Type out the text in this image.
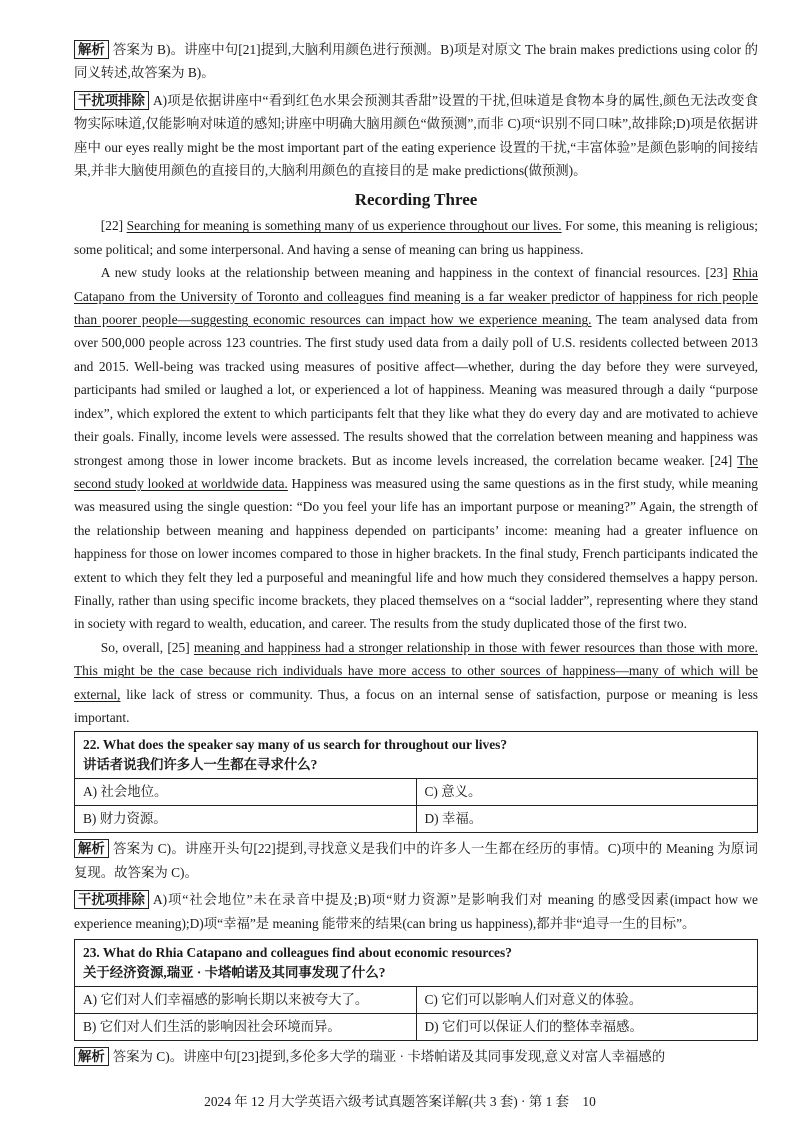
解析 答案为 B)。讲座中句[21]提到,大脑利用颜色进行预测。B)项是对原文 The brain makes predictions using color 的同义转述,故答案为 B)。

干扰项排除 A)项是依据讲座中“看到红色水果会预测其香甜”设置的干扰,但味道是食物本身的属性,颜色无法改变食物实际味道,仅能影响对味道的感知;讲座中明确大脑用颜色“做预测”,而非 C)项“识别不同口味”,故排除;D)项是依据讲座中 our eyes really might be the most important part of the eating experience 设置的干扰,“丰富体验”是颜色影响的间接结果,并非大脑使用颜色的直接目的,大脑利用颜色的直接目的是 make predictions(做预测)。

Recording Three

[22] Searching for meaning is something many of us experience throughout our lives. For some, this meaning is religious; some political; and some interpersonal. And having a sense of meaning can bring us happiness.

A new study looks at the relationship between meaning and happiness in the context of financial resources. [23] Rhia Catapano from the University of Toronto and colleagues find meaning is a far weaker predictor of happiness for rich people than poorer people—suggesting economic resources can impact how we experience meaning. The team analysed data from over 500,000 people across 123 countries. The first study used data from a daily poll of U.S. residents collected between 2013 and 2015. Well-being was tracked using measures of positive affect—whether, during the day before they were surveyed, participants had smiled or laughed a lot, or experienced a lot of happiness. Meaning was measured through a daily “purpose index”, which explored the extent to which participants felt that they like what they do every day and are motivated to achieve their goals. Finally, income levels were assessed. The results showed that the correlation between meaning and happiness was strongest among those in lower income brackets. But as income levels increased, the correlation became weaker. [24] The second study looked at worldwide data. Happiness was measured using the same questions as in the first study, while meaning was measured using the single question: “Do you feel your life has an important purpose or meaning?” Again, the strength of the relationship between meaning and happiness depended on participants’ income: meaning had a greater influence on happiness for those on lower incomes compared to those in higher brackets. In the final study, French participants indicated the extent to which they felt they led a purposeful and meaningful life and how much they considered themselves a happy person. Finally, rather than using specific income brackets, they placed themselves on a “social ladder”, representing where they stand in society with regard to wealth, education, and career. The results from the study duplicated those of the first two.

So, overall, [25] meaning and happiness had a stronger relationship in those with fewer resources than those with more. This might be the case because rich individuals have more access to other sources of happiness—many of which will be external, like lack of stress or community. Thus, a focus on an internal sense of satisfaction, purpose or meaning is less important.

22. What does the speaker say many of us search for throughout our lives?
讲话者说我们许多人一生都在寻求什么?	

A) 社会地位。	C) 意义。
B) 财力资源。	D) 幸福。

解析 答案为 C)。讲座开头句[22]提到,寻找意义是我们中的许多人一生都在经历的事情。C)项中的 Meaning 为原词复现。故答案为 C)。

干扰项排除 A)项“社会地位”未在录音中提及;B)项“财力资源”是影响我们对 meaning 的感受因素(impact how we experience meaning);D)项“幸福”是 meaning 能带来的结果(can bring us happiness),都并非“追寻一生的目标”。

23. What do Rhia Catapano and colleagues find about economic resources?
关于经济资源,瑞亚 · 卡塔帕诺及其同事发现了什么?	

A) 它们对人们幸福感的影响长期以来被夸大了。	C) 它们可以影响人们对意义的体验。
B) 它们对人们生活的影响因社会环境而异。	D) 它们可以保证人们的整体幸福感。

解析 答案为 C)。讲座中句[23]提到,多伦多大学的瑞亚 · 卡塔帕诺及其同事发现,意义对富人幸福感的

2024 年 12 月大学英语六级考试真题答案详解(共 3 套) · 第 1 套　10
